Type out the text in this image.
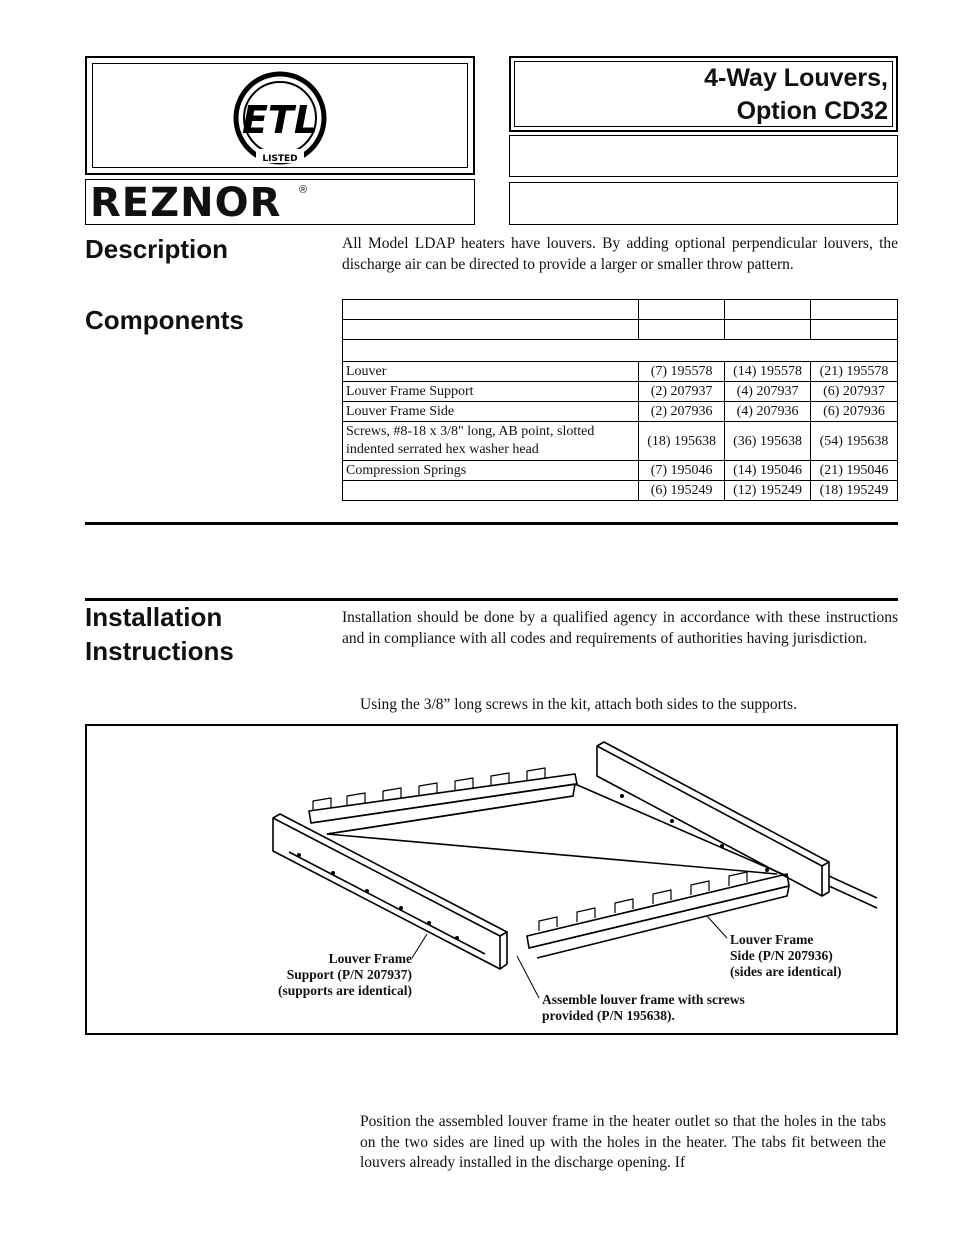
ETL
LISTED
REZNOR ®
4-Way Louvers,
Option CD32
Description	All Model LDAP heaters have louvers. By adding optional perpendicular louvers, the discharge air can be directed to provide a larger or smaller throw pattern.
Components

Louver	(7) 195578	(14) 195578	(21) 195578
Louver Frame Support	(2) 207937	(4) 207937	(6) 207937
Louver Frame Side	(2) 207936	(4) 207936	(6) 207936

Screws, #8-18 x 3/8" long, AB point, slotted
indented serrated hex washer head	(18) 195638	(36) 195638	(54) 195638
Compression Springs	(7) 195046	(14) 195046	(21) 195046
	(6) 195249	(12) 195249	(18) 195249
Installation
Instructions
Installation should be done by a qualified agency in accordance with these instructions and in compliance with all codes and requirements of authorities having jurisdiction.
Using the 3/8” long screws in the kit, attach both sides to the supports.
Louver Frame
Support (P/N 207937)
(supports are identical)
Louver Frame
Side (P/N 207936)
(sides are identical)
Assemble louver frame with screws
provided (P/N 195638).
Position the assembled louver frame in the heater outlet so that the holes in the tabs on the two sides are lined up with the holes in the heater. The tabs fit between the louvers already installed in the discharge opening. If
